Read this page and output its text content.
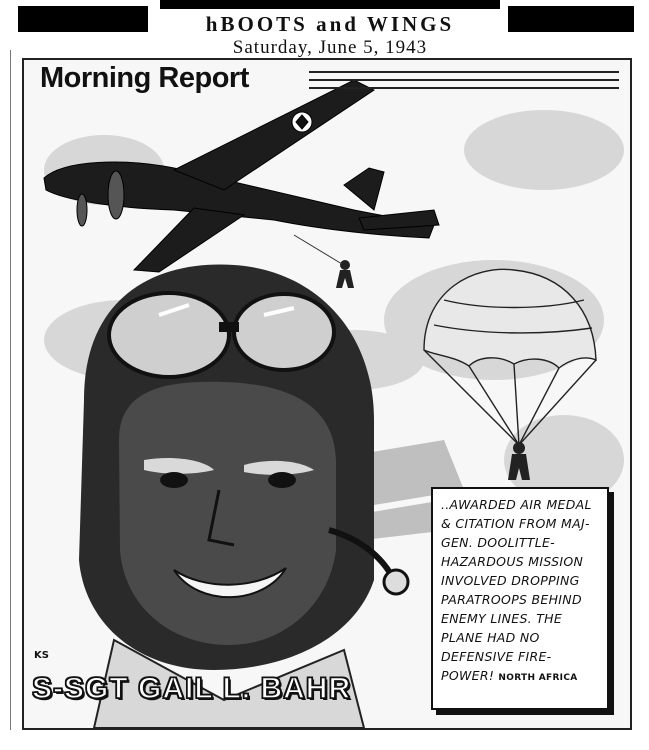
hBOOTS and WINGS
Saturday, June 5, 1943
Morning Report
KS
S-SGT GAIL L. BAHR
..AWARDED AIR MEDAL & CITATION FROM MAJ-GEN. DOOLITTLE-HAZARDOUS MISSION INVOLVED DROPPING PARATROOPS BEHIND ENEMY LINES. THE PLANE HAD NO DEFENSIVE FIRE-POWER! NORTH AFRICA
